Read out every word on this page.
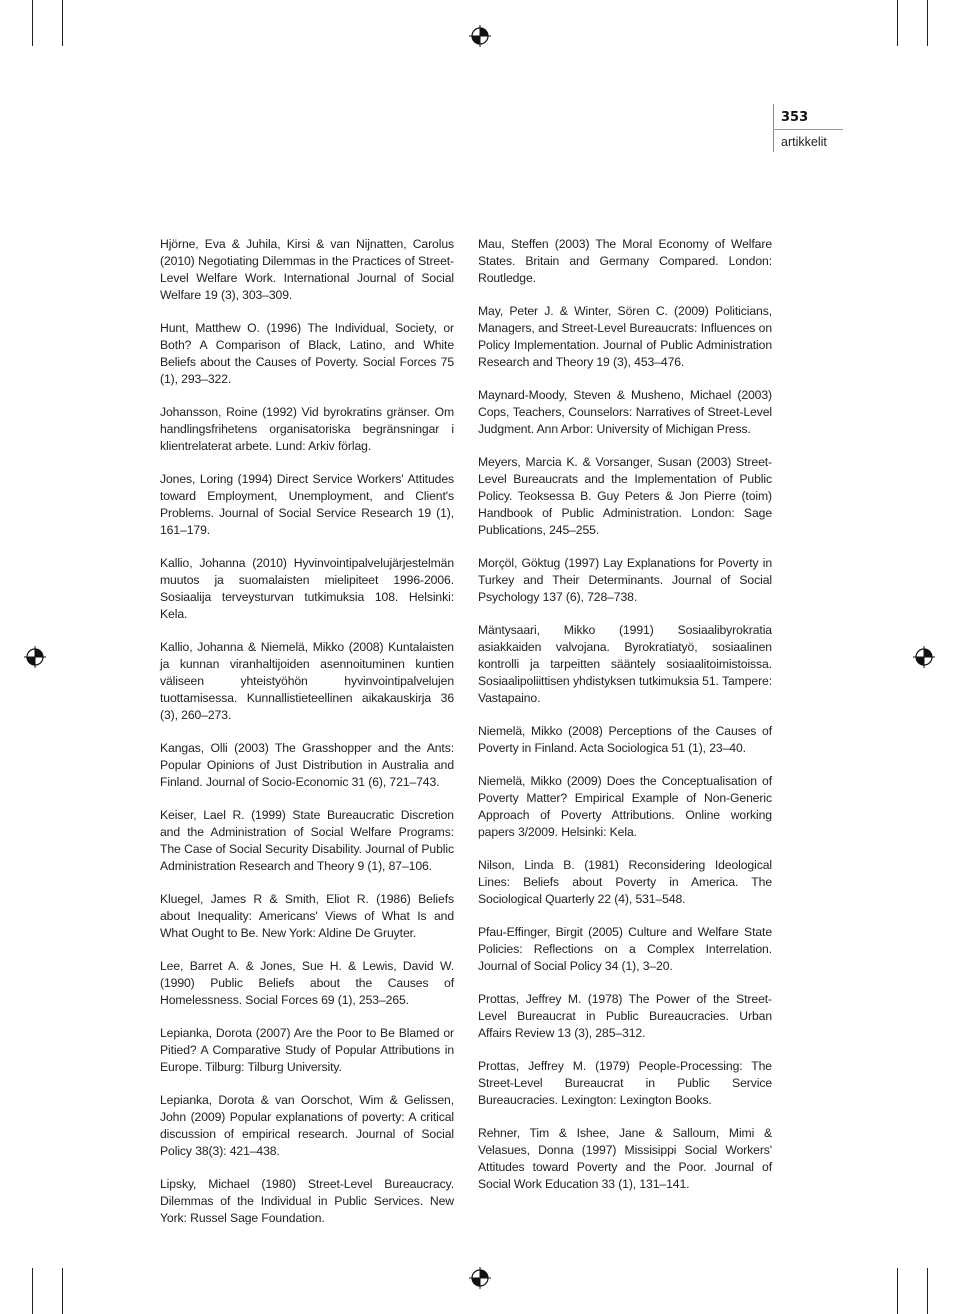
353
artikkelit

Hjörne, Eva & Juhila, Kirsi & van Nijnatten, Carolus (2010) Negotiating Dilemmas in the Practices of Street-Level Welfare Work. International Journal of Social Welfare 19 (3), 303–309.

Hunt, Matthew O. (1996) The Individual, Society, or Both? A Comparison of Black, Latino, and White Beliefs about the Causes of Poverty. Social Forces 75 (1), 293–322.

Johansson, Roine (1992) Vid byrokratins gränser. Om handlingsfrihetens organisatoriska begränsningar i klientrelaterat arbete. Lund: Arkiv förlag.

Jones, Loring (1994) Direct Service Workers' Attitudes toward Employment, Unemployment, and Client's Problems. Journal of Social Service Research 19 (1), 161–179.

Kallio, Johanna (2010) Hyvinvointipalvelujärjestelmän muutos ja suomalaisten mielipiteet 1996-2006. Sosiaalija terveysturvan tutkimuksia 108. Helsinki: Kela.

Kallio, Johanna & Niemelä, Mikko (2008) Kuntalaisten ja kunnan viranhaltijoiden asennoituminen kuntien väliseen yhteistyöhön hyvinvointipalvelujen tuottamisessa. Kunnallistieteellinen aikakauskirja 36 (3), 260–273.

Kangas, Olli (2003) The Grasshopper and the Ants: Popular Opinions of Just Distribution in Australia and Finland. Journal of Socio-Economic 31 (6), 721–743.

Keiser, Lael R. (1999) State Bureaucratic Discretion and the Administration of Social Welfare Programs: The Case of Social Security Disability. Journal of Public Administration Research and Theory 9 (1), 87–106.

Kluegel, James R & Smith, Eliot R. (1986) Beliefs about Inequality: Americans' Views of What Is and What Ought to Be. New York: Aldine De Gruyter.

Lee, Barret A. & Jones, Sue H. & Lewis, David W. (1990) Public Beliefs about the Causes of Homelessness. Social Forces 69 (1), 253–265.

Lepianka, Dorota (2007) Are the Poor to Be Blamed or Pitied? A Comparative Study of Popular Attributions in Europe. Tilburg: Tilburg University.

Lepianka, Dorota & van Oorschot, Wim & Gelissen, John (2009) Popular explanations of poverty: A critical discussion of empirical research. Journal of Social Policy 38(3): 421–438.

Lipsky, Michael (1980) Street-Level Bureaucracy. Dilemmas of the Individual in Public Services. New York: Russel Sage Foundation.

Mau, Steffen (2003) The Moral Economy of Welfare States. Britain and Germany Compared. London: Routledge.

May, Peter J. & Winter, Sören C. (2009) Politicians, Managers, and Street-Level Bureaucrats: Influences on Policy Implementation. Journal of Public Administration Research and Theory 19 (3), 453–476.

Maynard-Moody, Steven & Musheno, Michael (2003) Cops, Teachers, Counselors: Narratives of Street-Level Judgment. Ann Arbor: University of Michigan Press.

Meyers, Marcia K. & Vorsanger, Susan (2003) Street-Level Bureaucrats and the Implementation of Public Policy. Teoksessa B. Guy Peters & Jon Pierre (toim) Handbook of Public Administration. London: Sage Publications, 245–255.

Morçöl, Göktug (1997) Lay Explanations for Poverty in Turkey and Their Determinants. Journal of Social Psychology 137 (6), 728–738.

Mäntysaari, Mikko (1991) Sosiaalibyrokratia asiakkaiden valvojana. Byrokratiatyö, sosiaalinen kontrolli ja tarpeitten sääntely sosiaalitoimistoissa. Sosiaalipoliittisen yhdistyksen tutkimuksia 51. Tampere: Vastapaino.

Niemelä, Mikko (2008) Perceptions of the Causes of Poverty in Finland. Acta Sociologica 51 (1), 23–40.

Niemelä, Mikko (2009) Does the Conceptualisation of Poverty Matter? Empirical Example of Non-Generic Approach of Poverty Attributions. Online working papers 3/2009. Helsinki: Kela.

Nilson, Linda B. (1981) Reconsidering Ideological Lines: Beliefs about Poverty in America. The Sociological Quarterly 22 (4), 531–548.

Pfau-Effinger, Birgit (2005) Culture and Welfare State Policies: Reflections on a Complex Interrelation. Journal of Social Policy 34 (1), 3–20.

Prottas, Jeffrey M. (1978) The Power of the Street-Level Bureaucrat in Public Bureaucracies. Urban Affairs Review 13 (3), 285–312.

Prottas, Jeffrey M. (1979) People-Processing: The Street-Level Bureaucrat in Public Service Bureaucracies. Lexington: Lexington Books.

Rehner, Tim & Ishee, Jane & Salloum, Mimi & Velasues, Donna (1997) Missisippi Social Workers' Attitudes toward Poverty and the Poor. Journal of Social Work Education 33 (1), 131–141.
